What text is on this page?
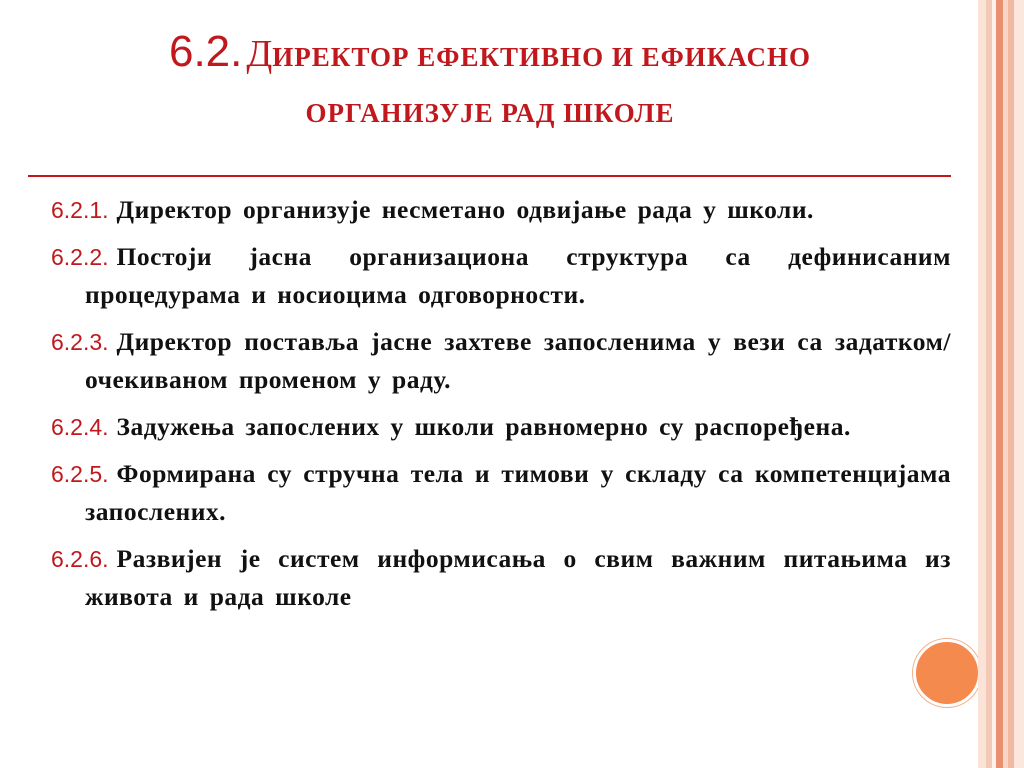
6.2. ДИРЕКТОР ЕФЕКТИВНО И ЕФИКАСНО
ОРГАНИЗУЈЕ РАД ШКОЛЕ
6.2.1. Директор организује несметано одвијање рада у школи.
6.2.2. Постоји јасна организациона структура са дефинисаним процедурама и носиоцима одговорности.
6.2.3. Директор поставља јасне захтеве запосленима у вези са задатком/очекиваном променом у раду.
6.2.4. Задужења запослених у школи равномерно су распоређена.
6.2.5. Формирана су стручна тела и тимови у складу са компетенцијама запослених.
6.2.6. Развијен је систем информисања о свим важним питањима из живота и рада школе
